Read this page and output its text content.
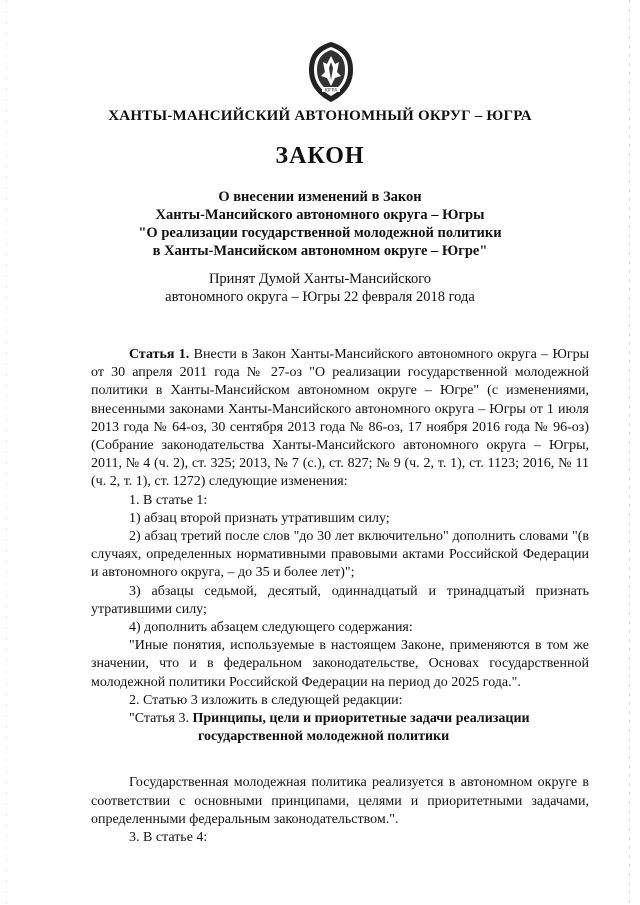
ЮГРА
ХАНТЫ-МАНСИЙСКИЙ АВТОНОМНЫЙ ОКРУГ – ЮГРА
ЗАКОН
О внесении изменений в Закон
Ханты-Мансийского автономного округа – Югры
"О реализации государственной молодежной политики
в Ханты-Мансийском автономном округе – Югре"
Принят Думой Ханты-Мансийского
автономного округа – Югры 22 февраля 2018 года

Статья 1. Внести в Закон Ханты-Мансийского автономного округа – Югры от 30 апреля 2011 года № 27-оз "О реализации государственной молодежной политики в Ханты-Мансийском автономном округе – Югре" (с изменениями, внесенными законами Ханты-Мансийского автономного округа – Югры от 1 июля 2013 года № 64-оз, 30 сентября 2013 года № 86-оз, 17 ноября 2016 года № 96-оз) (Собрание законодательства Ханты-Мансийского автономного округа – Югры, 2011, № 4 (ч. 2), ст. 325; 2013, № 7 (с.), ст. 827; № 9 (ч. 2, т. 1), ст. 1123; 2016, № 11 (ч. 2, т. 1), ст. 1272) следующие изменения:

1. В статье 1:

1) абзац второй признать утратившим силу;

2) абзац третий после слов "до 30 лет включительно" дополнить словами "(в случаях, определенных нормативными правовыми актами Российской Федерации и автономного округа, – до 35 и более лет)";

3) абзацы седьмой, десятый, одиннадцатый и тринадцатый признать утратившими силу;

4) дополнить абзацем следующего содержания:

"Иные понятия, используемые в настоящем Законе, применяются в том же значении, что и в федеральном законодательстве, Основах государственной молодежной политики Российской Федерации на период до 2025 года.".

2. Статью 3 изложить в следующей редакции:

"Статья 3. Принципы, цели и приоритетные задачи реализации
государственной молодежной политики

Государственная молодежная политика реализуется в автономном округе в соответствии с основными принципами, целями и приоритетными задачами, определенными федеральным законодательством.".

3. В статье 4:
